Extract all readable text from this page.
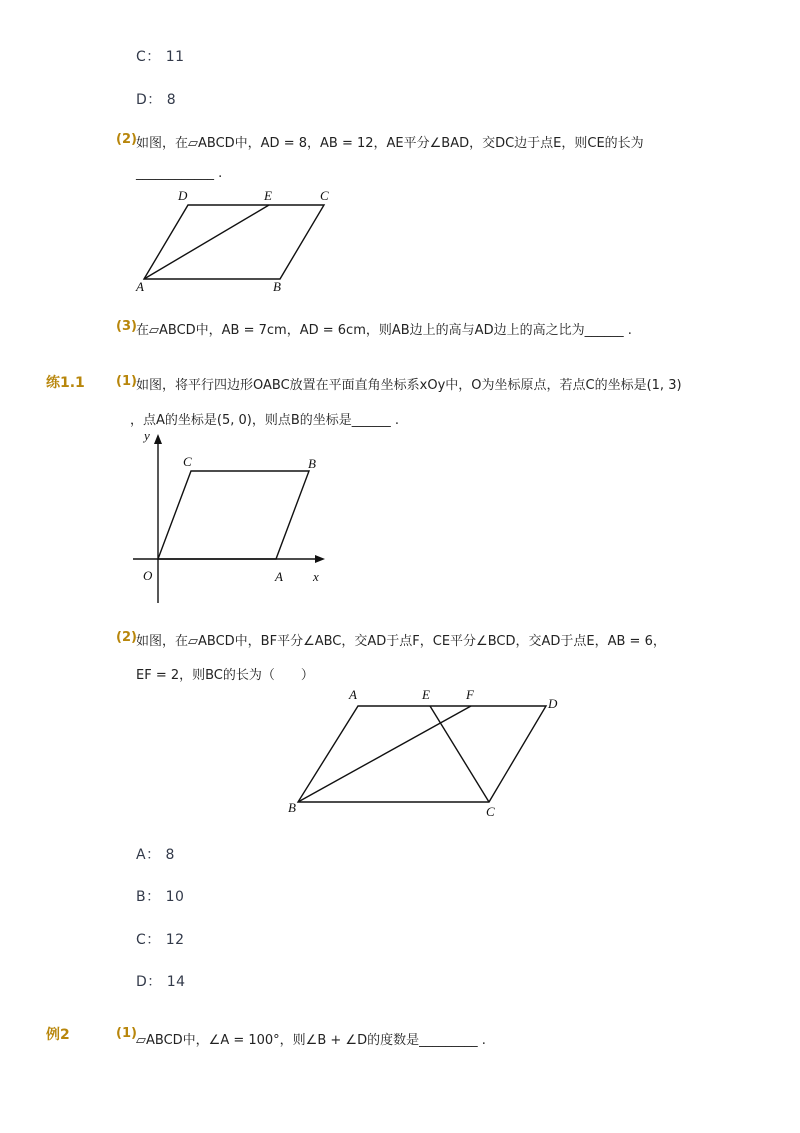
C： 11
D： 8
(2) 如图，在▱ABCD中，AD = 8，AB = 12，AE平分∠BAD，交DC边于点E，则CE的长为
____________ .
D	E	C
A	B
(3) 在▱ABCD中，AB = 7cm，AD = 6cm，则AB边上的高与AD边上的高之比为______ .
练1.1 (1) 如图，将平行四边形OABC放置在平面直角坐标系xOy中，O为坐标原点，若点C的坐标是(1, 3)
，点A的坐标是(5, 0)，则点B的坐标是______ .
y
C	B
O	A x
(2) 如图，在▱ABCD中，BF平分∠ABC，交AD于点F，CE平分∠BCD，交AD于点E，AB = 6，
EF = 2，则BC的长为（　　）
A	E	F
D
B	C
A： 8
B： 10
C： 12
D： 14
例2	(1) ▱ABCD中，∠A = 100°，则∠B + ∠D的度数是_________ .
